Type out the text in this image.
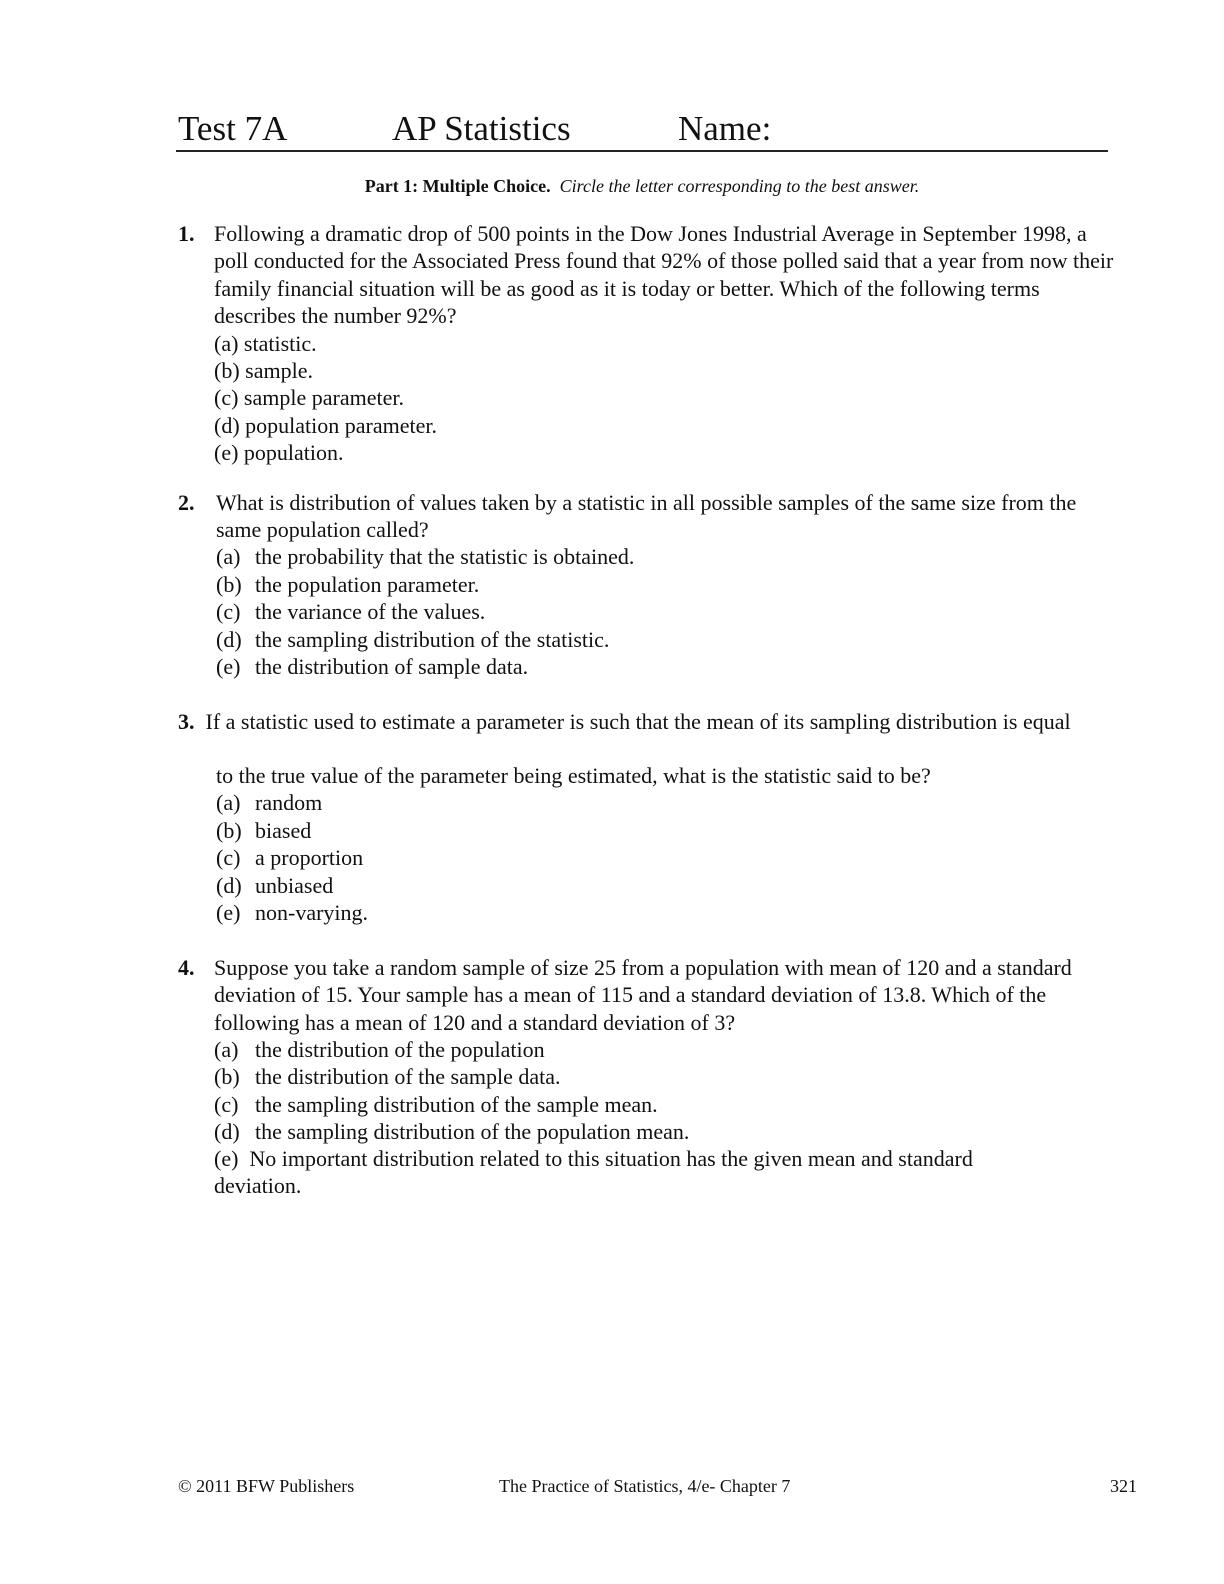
Test 7A	AP Statistics	Name:
Part 1: Multiple Choice. Circle the letter corresponding to the best answer.
1. Following a dramatic drop of 500 points in the Dow Jones Industrial Average in September 1998, a poll conducted for the Associated Press found that 92% of those polled said that a year from now their family financial situation will be as good as it is today or better. Which of the following terms describes the number 92%?
(a) statistic.
(b) sample.
(c) sample parameter.
(d) population parameter.
(e) population.
2. What is distribution of values taken by a statistic in all possible samples of the same size from the same population called?
(a) the probability that the statistic is obtained.
(b) the population parameter.
(c) the variance of the values.
(d) the sampling distribution of the statistic.
(e) the distribution of sample data.
3. If a statistic used to estimate a parameter is such that the mean of its sampling distribution is equal
to the true value of the parameter being estimated, what is the statistic said to be?
(a) random
(b) biased
(c) a proportion
(d) unbiased
(e) non-varying.
4. Suppose you take a random sample of size 25 from a population with mean of 120 and a standard deviation of 15. Your sample has a mean of 115 and a standard deviation of 13.8. Which of the following has a mean of 120 and a standard deviation of 3?
(a) the distribution of the population
(b) the distribution of the sample data.
(c) the sampling distribution of the sample mean.
(d) the sampling distribution of the population mean.
(e) No important distribution related to this situation has the given mean and standard deviation.
© 2011 BFW Publishers	The Practice of Statistics, 4/e- Chapter 7	321
